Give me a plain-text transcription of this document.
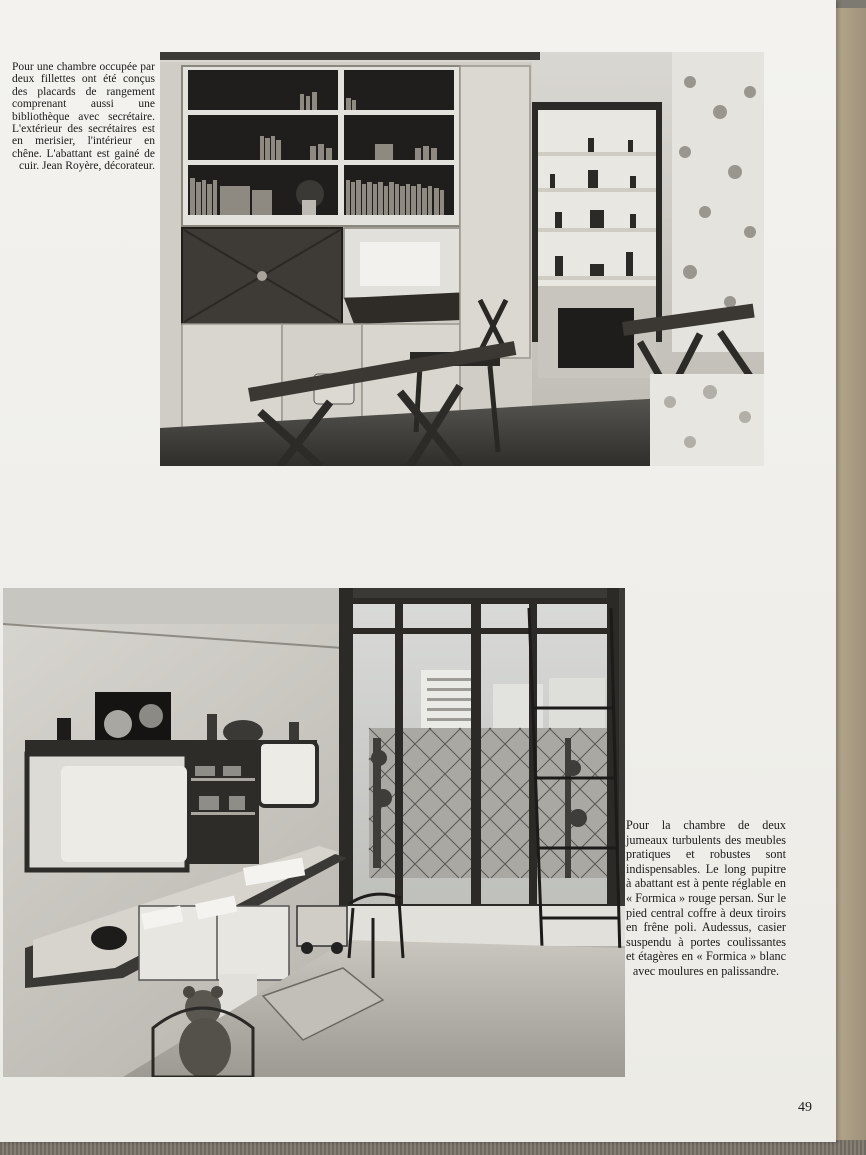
Pour une chambre occupée par deux fillettes ont été conçus des placards de rangement comprenant aussi une bibliothèque avec secrétaire. L'extérieur des secrétaires est en merisier, l'intérieur en chêne. L'abattant est gainé de cuir. Jean Royère, décorateur.
Pour la chambre de deux jumeaux turbulents des meubles pratiques et robustes sont indispensables. Le long pupitre à abattant est à pente réglable en « Formica » rouge persan. Sur le pied central coffre à deux tiroirs en frêne poli. Audessus, casier suspendu à portes coulissantes et étagères en « Formica » blanc avec moulures en palissandre.
49
